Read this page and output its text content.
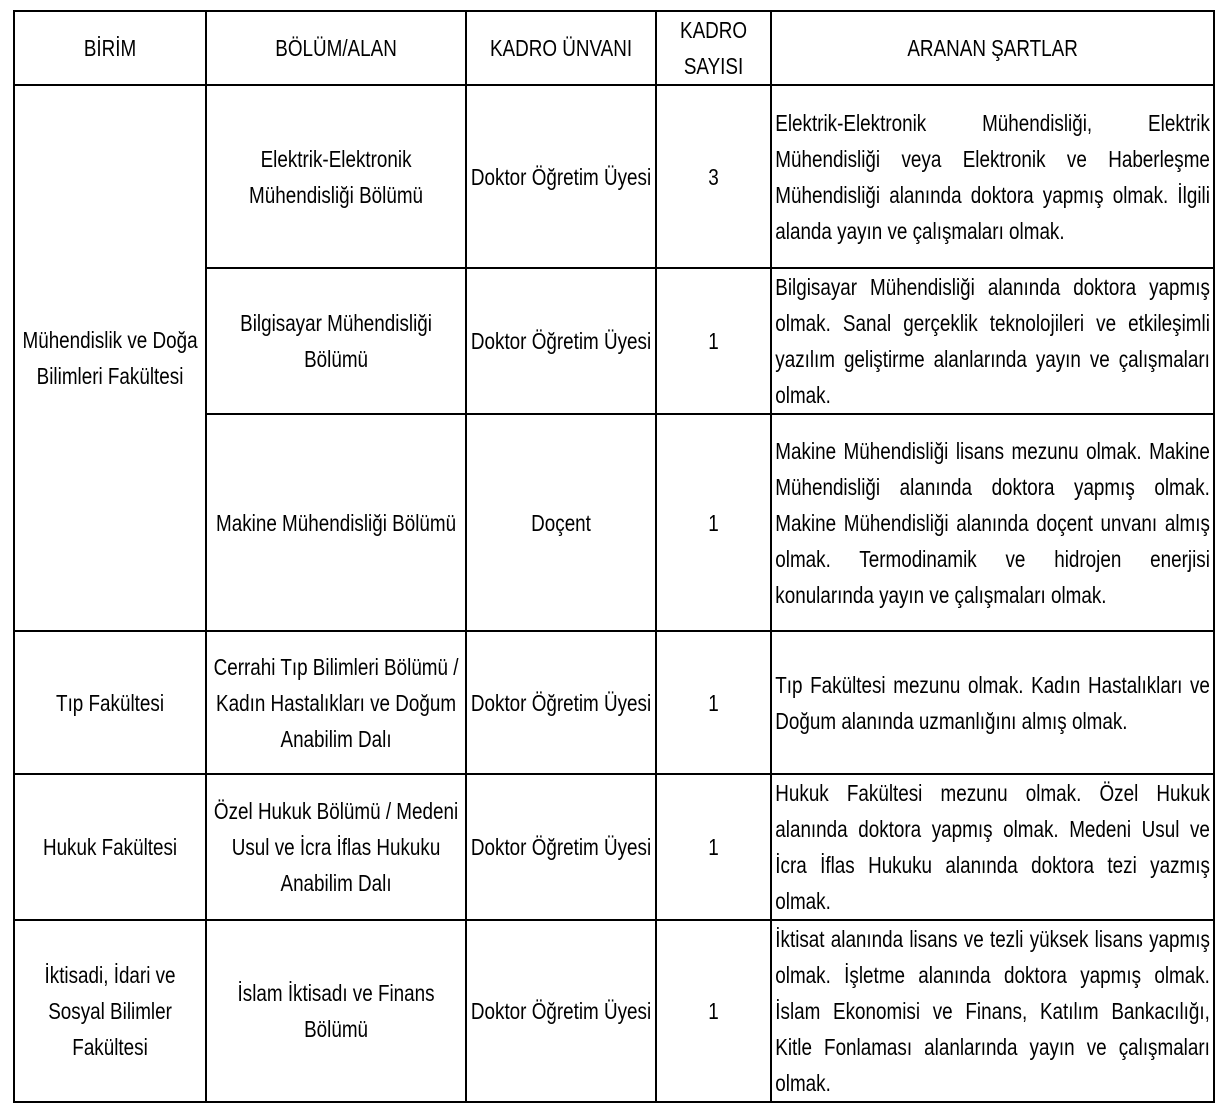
BİRİM	BÖLÜM/ALAN	KADRO ÜNVANI	KADRO SAYISI	ARANAN ŞARTLAR

Mühendislik ve Doğa Bilimleri Fakültesi	Elektrik-Elektronik Mühendisliği Bölümü	Doktor Öğretim Üyesi	3	Elektrik-Elektronik Mühendisliği, Elektrik Mühendisliği veya Elektronik ve Haberleşme Mühendisliği alanında doktora yapmış olmak. İlgili alanda yayın ve çalışmaları olmak.

	Bilgisayar Mühendisliği Bölümü	Doktor Öğretim Üyesi	1	Bilgisayar Mühendisliği alanında doktora yapmış olmak. Sanal gerçeklik teknolojileri ve etkileşimli yazılım geliştirme alanlarında yayın ve çalışmaları olmak.

	Makine Mühendisliği Bölümü	Doçent	1	Makine Mühendisliği lisans mezunu olmak. Makine Mühendisliği alanında doktora yapmış olmak. Makine Mühendisliği alanında doçent unvanı almış olmak. Termodinamik ve hidrojen enerjisi konularında yayın ve çalışmaları olmak.

Tıp Fakültesi	Cerrahi Tıp Bilimleri Bölümü / Kadın Hastalıkları ve Doğum Anabilim Dalı	Doktor Öğretim Üyesi	1	Tıp Fakültesi mezunu olmak. Kadın Hastalıkları ve Doğum alanında uzmanlığını almış olmak.

Hukuk Fakültesi	Özel Hukuk Bölümü / Medeni Usul ve İcra İflas Hukuku Anabilim Dalı	Doktor Öğretim Üyesi	1	Hukuk Fakültesi mezunu olmak. Özel Hukuk alanında doktora yapmış olmak. Medeni Usul ve İcra İflas Hukuku alanında doktora tezi yazmış olmak.

İktisadi, İdari ve Sosyal Bilimler Fakültesi	İslam İktisadı ve Finans Bölümü	Doktor Öğretim Üyesi	1	İktisat alanında lisans ve tezli yüksek lisans yapmış olmak. İşletme alanında doktora yapmış olmak. İslam Ekonomisi ve Finans, Katılım Bankacılığı, Kitle Fonlaması alanlarında yayın ve çalışmaları olmak.
